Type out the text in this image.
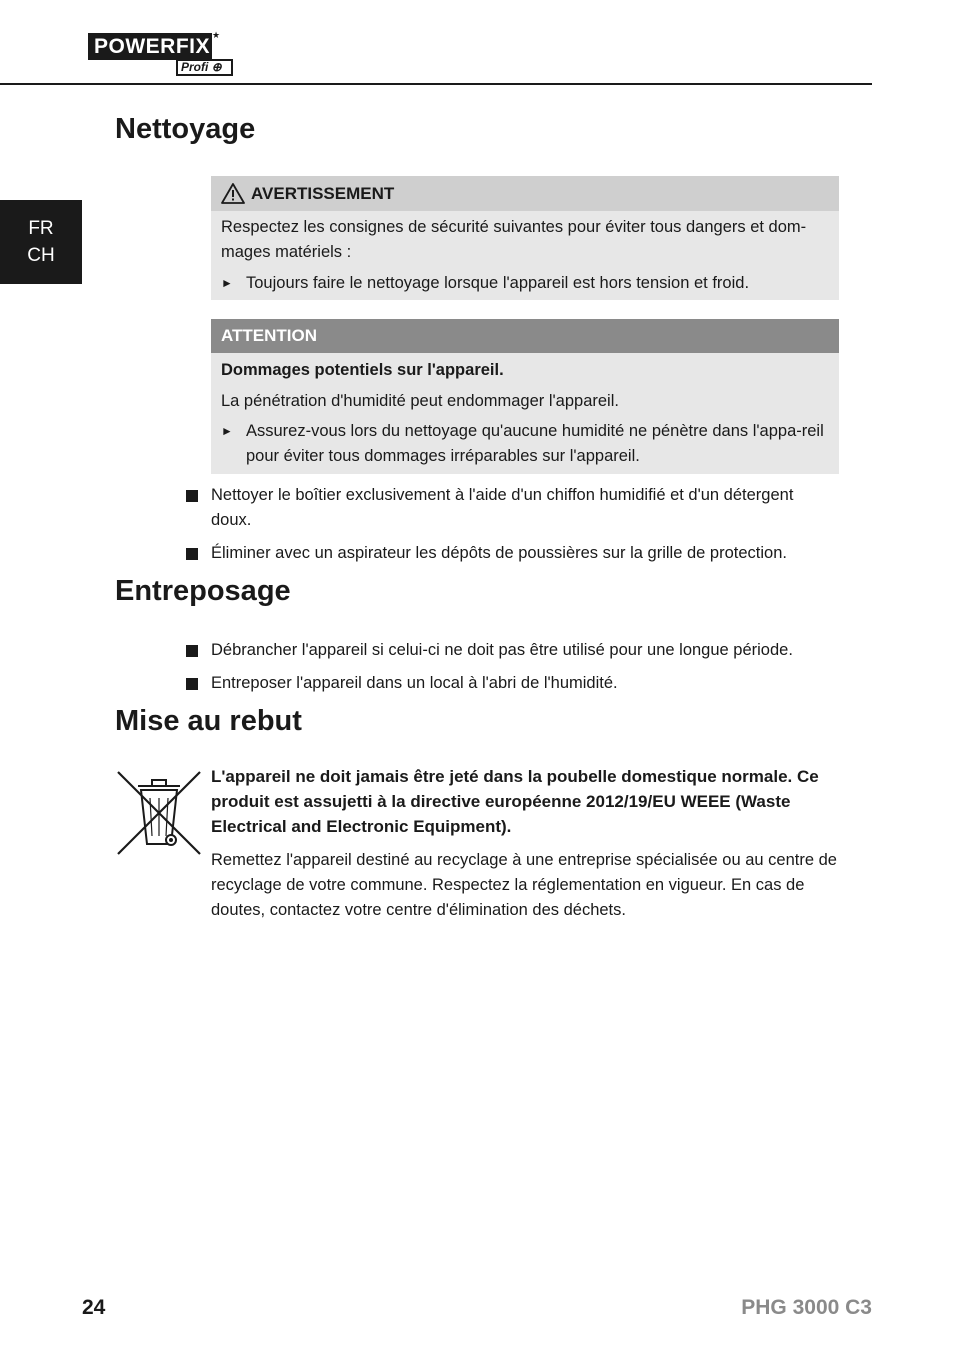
POWERFIX ★
Profi ⊕
FR
CH
Nettoyage
AVERTISSEMENT
Respectez les consignes de sécurité suivantes pour éviter tous dangers et dom-mages matériels :
► Toujours faire le nettoyage lorsque l'appareil est hors tension et froid.
ATTENTION
Dommages potentiels sur l'appareil.
La pénétration d'humidité peut endommager l'appareil.
► Assurez-vous lors du nettoyage qu'aucune humidité ne pénètre dans l'appa-reil pour éviter tous dommages irréparables sur l'appareil.
Nettoyer le boîtier exclusivement à l'aide d'un chiffon humidifié et d'un détergent doux.
Éliminer avec un aspirateur les dépôts de poussières sur la grille de protection.
Entreposage
Débrancher l'appareil si celui-ci ne doit pas être utilisé pour une longue période.
Entreposer l'appareil dans un local à l'abri de l'humidité.
Mise au rebut
L'appareil ne doit jamais être jeté dans la poubelle domestique normale. Ce produit est assujetti à la directive européenne 2012/19/EU WEEE (Waste Electrical and Electronic Equipment).
Remettez l'appareil destiné au recyclage à une entreprise spécialisée ou au centre de recyclage de votre commune. Respectez la réglementation en vigueur. En cas de doutes, contactez votre centre d'élimination des déchets.
24	PHG 3000 C3
